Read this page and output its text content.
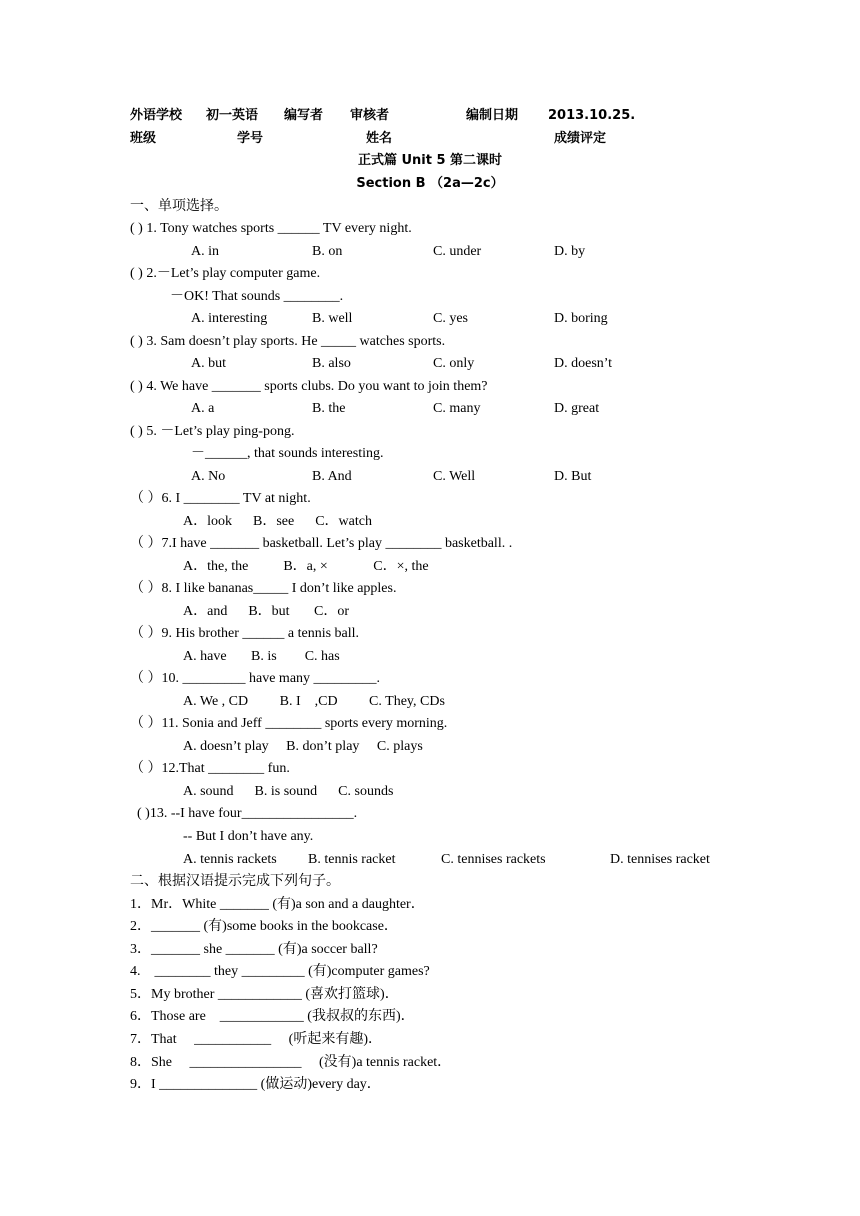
外语学校 初一英语 编写者 审核者	编制日期 2013.10.25.
班级	学号	姓名	成绩评定
正式篇 Unit 5 第二课时
Section B （2a—2c）
一、单项选择。
( ) 1. Tony watches sports ______ TV every night.
A. in	B. on	C. under	D. by
( ) 2.－Let’s play computer game.
－OK! That sounds ________.
A. interesting	B. well	C. yes	D. boring
( ) 3. Sam doesn’t play sports. He _____ watches sports.
A. but	B. also	C. only	D. doesn’t
( ) 4. We have _______ sports clubs. Do you want to join them?
A. a	B. the	C. many	D. great
( ) 5. －Let’s play ping-pong.
－______, that sounds interesting.
A. No	B. And	C. Well	D. But
（ ）6. I ________ TV at night.
A．look      B．see      C．watch
（ ）7.I have _______ basketball. Let’s play ________ basketball. .
A．the, the          B．a, ×             C．×, the
（ ）8. I like bananas_____ I don’t like apples.
A．and      B．but       C．or
（ ）9. His brother ______ a tennis ball.
A. have       B. is        C. has
（ ）10. _________ have many _________.
A. We , CD         B. I    ,CD         C. They, CDs
（ ）11. Sonia and Jeff ________ sports every morning.
A. doesn’t play     B. don’t play     C. plays
（ ）12.That ________ fun.
A. sound      B. is sound      C. sounds
( )13. --I have four________________.
-- But I don’t have any.
A. tennis rackets B. tennis racket	C. tennises rackets	D. tennises racket
二、根据汉语提示完成下列句子。
1．Mr．White _______ (有)a son and a daughter．
2．_______ (有)some books in the bookcase．
3．_______ she _______ (有)a soccer ball?
4.    ________ they _________ (有)computer games?
5．My brother ____________ (喜欢打篮球)．
6．Those are    ____________ (我叔叔的东西)．
7．That     ___________     (听起来有趣)．
8．She     ________________     (没有)a tennis racket．
9．I ______________ (做运动)every day．
